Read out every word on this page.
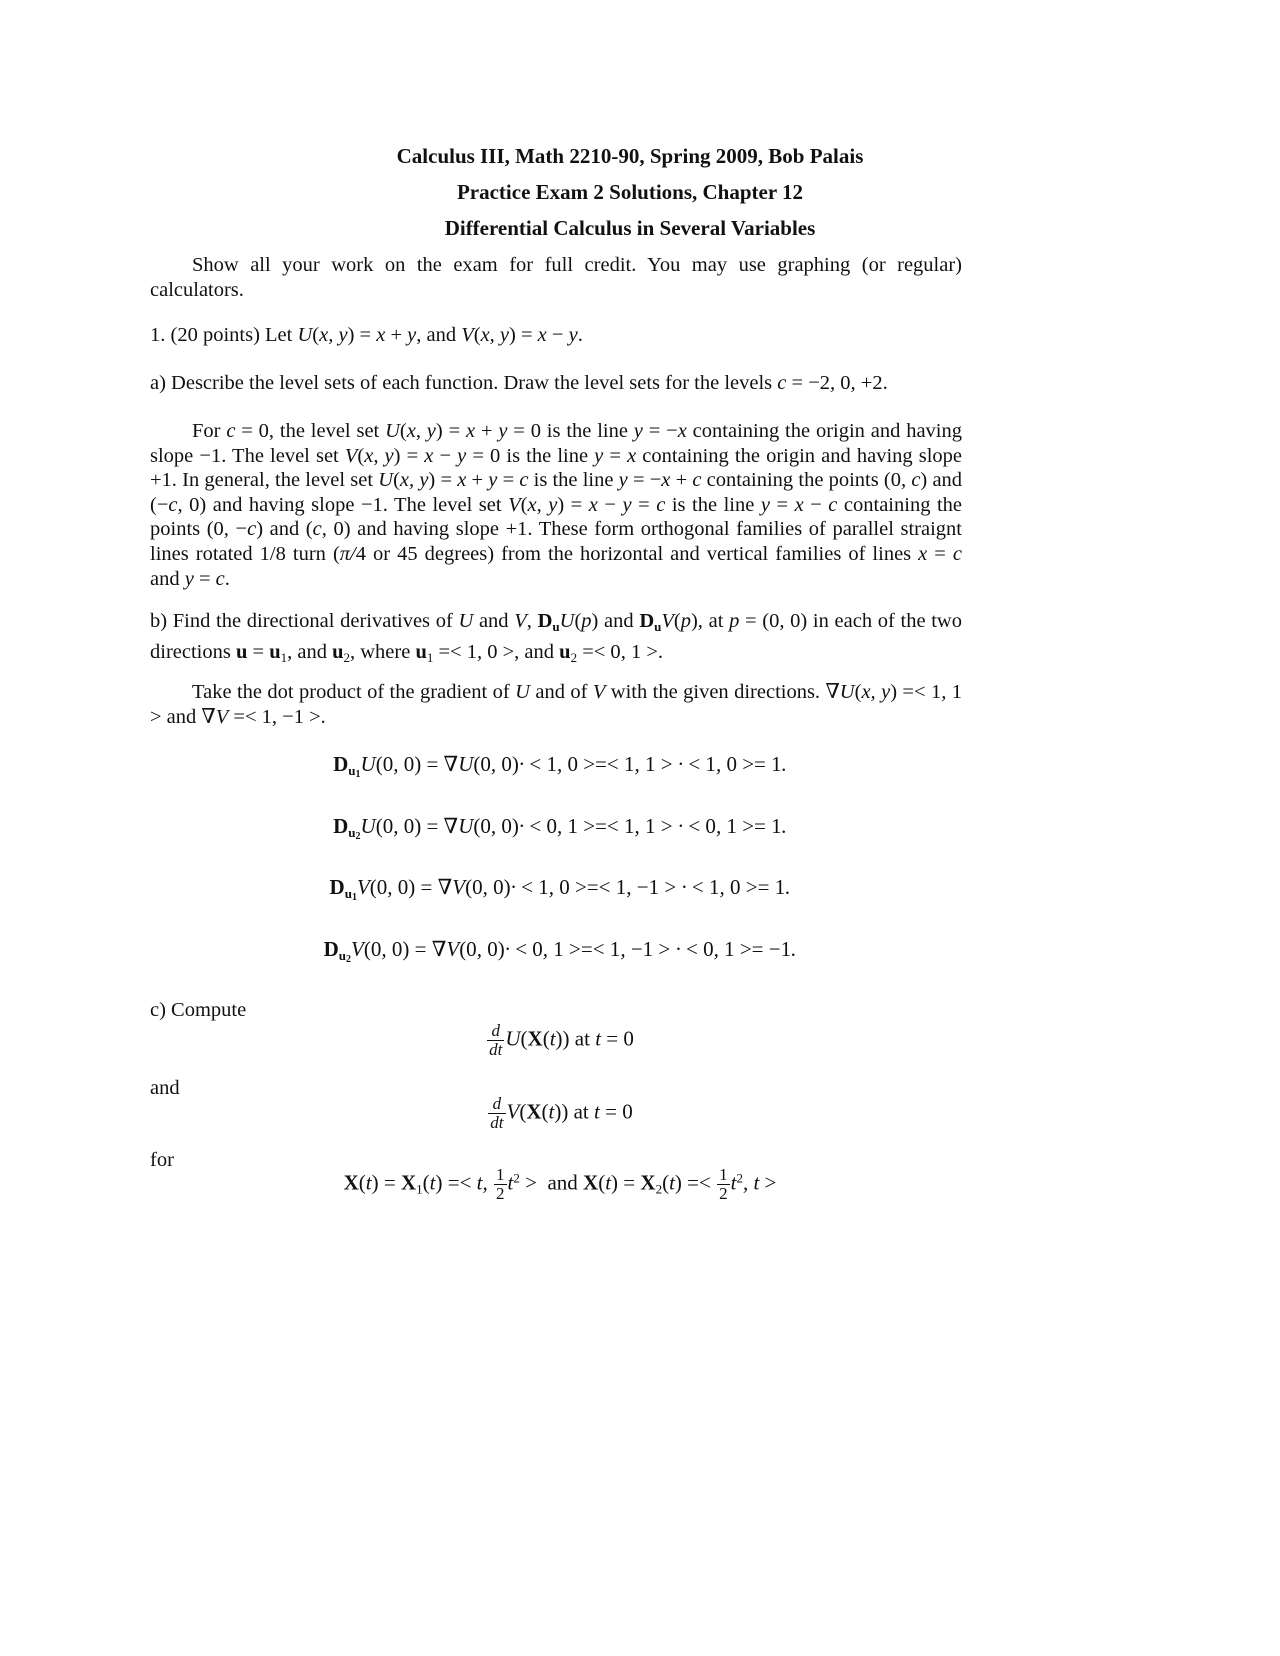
Calculus III, Math 2210-90, Spring 2009, Bob Palais
Practice Exam 2 Solutions, Chapter 12
Differential Calculus in Several Variables
Show all your work on the exam for full credit. You may use graphing (or regular) calculators.
1. (20 points) Let U(x, y) = x + y, and V(x, y) = x − y.
a) Describe the level sets of each function. Draw the level sets for the levels c = −2, 0, +2.
For c = 0, the level set U(x, y) = x + y = 0 is the line y = −x containing the origin and having slope −1. The level set V(x, y) = x − y = 0 is the line y = x containing the origin and having slope +1. In general, the level set U(x, y) = x + y = c is the line y = −x + c containing the points (0, c) and (−c, 0) and having slope −1. The level set V(x, y) = x − y = c is the line y = x − c containing the points (0, −c) and (c, 0) and having slope +1. These form orthogonal families of parallel straignt lines rotated 1/8 turn (π/4 or 45 degrees) from the horizontal and vertical families of lines x = c and y = c.
b) Find the directional derivatives of U and V, $D_uU(p)$ and $D_uV(p)$, at p = (0, 0) in each of the two directions $u = u_1$, and $u_2$, where $u_1 =< 1$, 0 >, and $u_2 =< 0$, 1 >.
Take the dot product of the gradient of U and of V with the given directions. ∇U(x, y) =< 1, 1 > and ∇V =< 1, −1 >.
$D_{u_1}U(0$, 0) = ∇U(0, 0)· < 1, 0 >=< 1, 1 > · < 1, 0 >= 1.
$D_{u_2}U(0$, 0) = ∇U(0, 0)· < 0, 1 >=< 1, 1 > · < 0, 1 >= 1.
$D_{u_1}V(0$, 0) = ∇V(0, 0)· < 1, 0 >=< 1, −1 > · < 1, 0 >= 1.
$D_{u_2}V(0$, 0) = ∇V(0, 0)· < 0, 1 >=< 1, −1 > · < 0, 1 >= −1.
c) Compute
$\frac{d}{dt} U(X(t))$ at t = 0
and
$\frac{d}{dt} V(X(t))$ at t = 0
for
$X(t) = X_1(t) =< t$, $\frac{1}{2} t^2$ >  and $X(t) = X_2(t) =< \frac{1}{2} t^2$, t >
